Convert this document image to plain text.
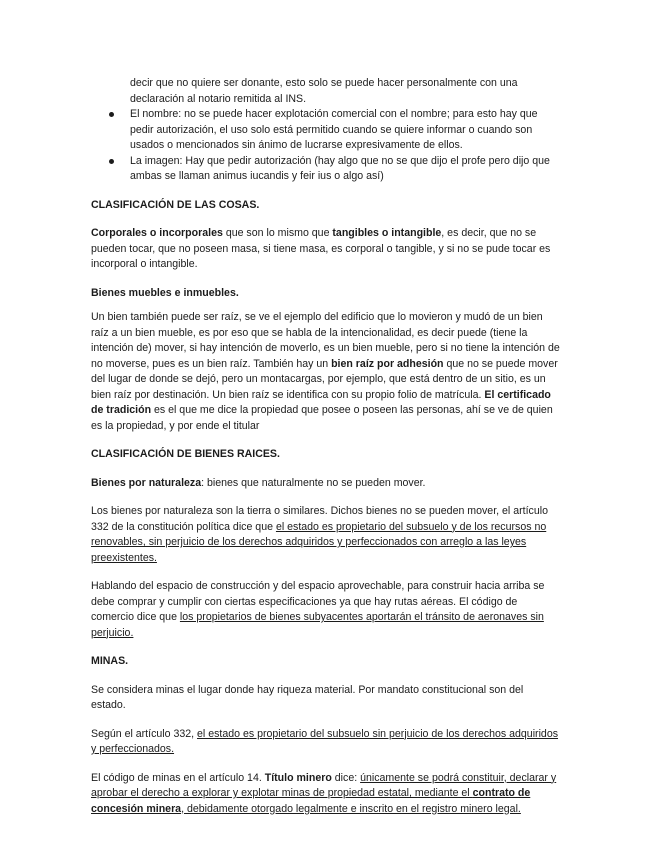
decir que no quiere ser donante, esto solo se puede hacer personalmente con una declaración al notario remitida al INS.

El nombre: no se puede hacer explotación comercial con el nombre; para esto hay que pedir autorización, el uso solo está permitido cuando se quiere informar o cuando son usados o mencionados sin ánimo de lucrarse expresivamente de ellos.
La imagen: Hay que pedir autorización (hay algo que no se que dijo el profe pero dijo que ambas se llaman animus iucandis y feir ius o algo así)
CLASIFICACIÓN DE LAS COSAS.

Corporales o incorporales que son lo mismo que tangibles o intangible, es decir, que no se pueden tocar, que no poseen masa, si tiene masa, es corporal o tangible, y si no se pude tocar es incorporal o intangible.

Bienes muebles e inmuebles.

Un bien también puede ser raíz, se ve el ejemplo del edificio que lo movieron y mudó de un bien raíz a un bien mueble, es por eso que se habla de la intencionalidad, es decir puede (tiene la intención de) mover, si hay intención de moverlo, es un bien mueble, pero si no tiene la intención de no moverse, pues es un bien raíz. También hay un bien raíz por adhesión que no se puede mover del lugar de donde se dejó, pero un montacargas, por ejemplo, que está dentro de un sitio, es un bien raíz por destinación. Un bien raíz se identifica con su propio folio de matrícula. El certificado de tradición es el que me dice la propiedad que posee o poseen las personas, ahí se ve de quien es la propiedad, y por ende el titular

CLASIFICACIÓN DE BIENES RAICES.

Bienes por naturaleza: bienes que naturalmente no se pueden mover.

Los bienes por naturaleza son la tierra o similares. Dichos bienes no se pueden mover, el artículo 332 de la constitución política dice que el estado es propietario del subsuelo y de los recursos no renovables, sin perjuicio de los derechos adquiridos y perfeccionados con arreglo a las leyes preexistentes.

Hablando del espacio de construcción y del espacio aprovechable, para construir hacia arriba se debe comprar y cumplir con ciertas especificaciones ya que hay rutas aéreas. El código de comercio dice que los propietarios de bienes subyacentes aportarán el tránsito de aeronaves sin perjuicio.

MINAS.

Se considera minas el lugar donde hay riqueza material. Por mandato constitucional son del estado.

Según el artículo 332, el estado es propietario del subsuelo sin perjuicio de los derechos adquiridos y perfeccionados.

El código de minas en el artículo 14. Título minero dice: únicamente se podrá constituir, declarar y aprobar el derecho a explorar y explotar minas de propiedad estatal, mediante el contrato de concesión minera, debidamente otorgado legalmente e inscrito en el registro minero legal.
